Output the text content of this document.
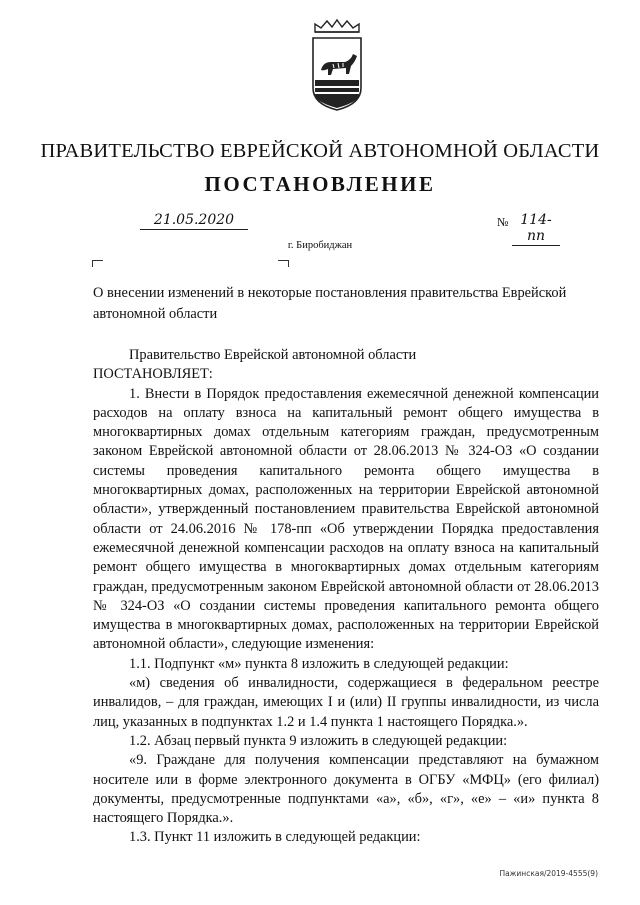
ПРАВИТЕЛЬСТВО ЕВРЕЙСКОЙ АВТОНОМНОЙ ОБЛАСТИ
ПОСТАНОВЛЕНИЕ
21.05.2020	№ 114-пп
г. Биробиджан
О внесении изменений в некоторые постановления правительства Еврейской автономной области

Правительство Еврейской автономной области

ПОСТАНОВЛЯЕТ:

1. Внести в Порядок предоставления ежемесячной денежной компенсации расходов на оплату взноса на капитальный ремонт общего имущества в многоквартирных домах отдельным категориям граждан, предусмотренным законом Еврейской автономной области от 28.06.2013 № 324-ОЗ «О создании системы проведения капитального ремонта общего имущества в многоквартирных домах, расположенных на территории Еврейской автономной области», утвержденный постановлением правительства Еврейской автономной области от 24.06.2016 № 178-пп «Об утверждении Порядка предоставления ежемесячной денежной компенсации расходов на оплату взноса на капитальный ремонт общего имущества в многоквартирных домах отдельным категориям граждан, предусмотренным законом Еврейской автономной области от 28.06.2013 № 324-ОЗ «О создании системы проведения капитального ремонта общего имущества в многоквартирных домах, расположенных на территории Еврейской автономной области», следующие изменения:

1.1. Подпункт «м» пункта 8 изложить в следующей редакции:

«м) сведения об инвалидности, содержащиеся в федеральном реестре инвалидов, – для граждан, имеющих I и (или) II группы инвалидности, из числа лиц, указанных в подпунктах 1.2 и 1.4 пункта 1 настоящего Порядка.».

1.2. Абзац первый пункта 9 изложить в следующей редакции:

«9. Граждане для получения компенсации представляют на бумажном носителе или в форме электронного документа в ОГБУ «МФЦ» (его филиал) документы, предусмотренные подпунктами «а», «б», «г», «е» – «и» пункта 8 настоящего Порядка.».

1.3. Пункт 11 изложить в следующей редакции:

Пажинская/2019-4555(9)
